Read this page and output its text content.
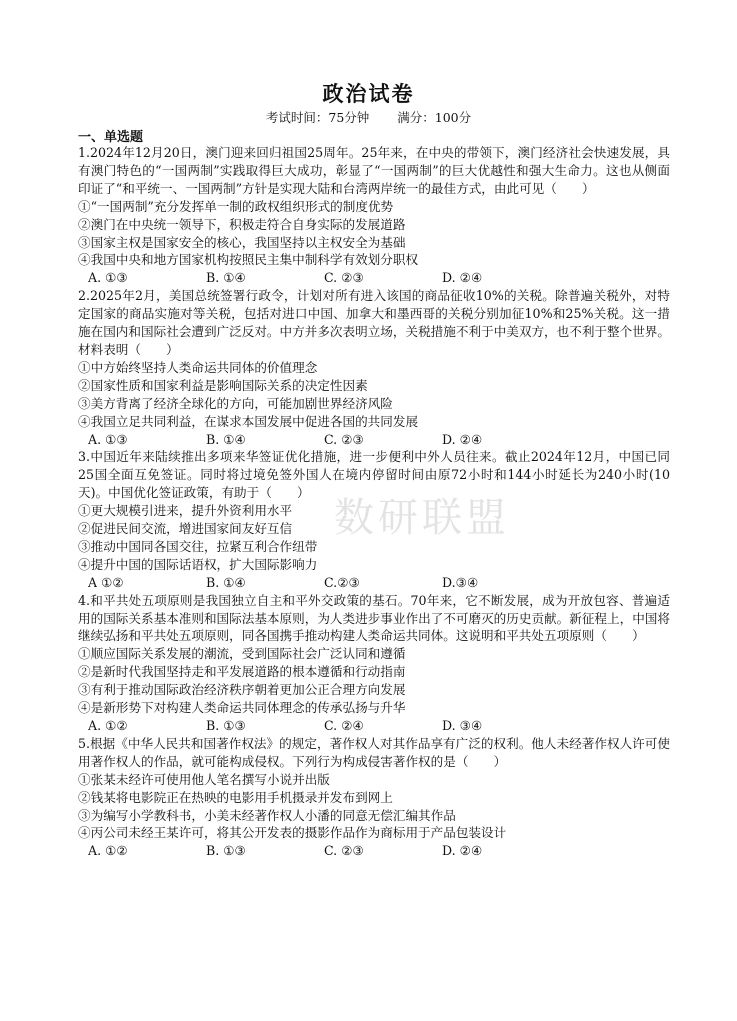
政治试卷
考试时间：75分钟 满分：100分
一、单选题
数研联盟
1.2024年12月20日，澳门迎来回归祖国25周年。25年来，在中央的带领下，澳门经济社会快速发展，具有澳门特色的“一国两制”实践取得巨大成功，彰显了“一国两制”的巨大优越性和强大生命力。这也从侧面印证了“和平统一、一国两制”方针是实现大陆和台湾两岸统一的最佳方式，由此可见（　　）
①“一国两制”充分发挥单一制的政权组织形式的制度优势
②澳门在中央统一领导下，积极走符合自身实际的发展道路
③国家主权是国家安全的核心，我国坚持以主权安全为基础
④我国中央和地方国家机构按照民主集中制科学有效划分职权
A. ①③	B. ①④	C. ②③	D. ②④
2.2025年2月，美国总统签署行政令，计划对所有进入该国的商品征收10%的关税。除普遍关税外，对特定国家的商品实施对等关税，包括对进口中国、加拿大和墨西哥的关税分别加征10%和25%关税。这一措施在国内和国际社会遭到广泛反对。中方并多次表明立场，关税措施不利于中美双方，也不利于整个世界。材料表明（　　）
①中方始终坚持人类命运共同体的价值理念
②国家性质和国家利益是影响国际关系的决定性因素
③美方背离了经济全球化的方向，可能加剧世界经济风险
④我国立足共同利益，在谋求本国发展中促进各国的共同发展
A. ①③	B. ①④	C. ②③	D. ②④
3.中国近年来陆续推出多项来华签证优化措施，进一步便利中外人员往来。截止2024年12月，中国已同25国全面互免签证。同时将过境免签外国人在境内停留时间由原72小时和144小时延长为240小时(10天)。中国优化签证政策，有助于（　　）
①更大规模引进来，提升外资利用水平
②促进民间交流，增进国家间友好互信
③推动中国同各国交往，拉紧互利合作纽带
④提升中国的国际话语权，扩大国际影响力
A ①②	B. ①④	C.②③	D.③④
4.和平共处五项原则是我国独立自主和平外交政策的基石。70年来，它不断发展，成为开放包容、普遍适用的国际关系基本准则和国际法基本原则，为人类进步事业作出了不可磨灭的历史贡献。新征程上，中国将继续弘扬和平共处五项原则，同各国携手推动构建人类命运共同体。这说明和平共处五项原则（　　）
①顺应国际关系发展的潮流，受到国际社会广泛认同和遵循
②是新时代我国坚持走和平发展道路的根本遵循和行动指南
③有利于推动国际政治经济秩序朝着更加公正合理方向发展
④是新形势下对构建人类命运共同体理念的传承弘扬与升华
A. ①②	B. ①③	C. ②④	D. ③④
5.根据《中华人民共和国著作权法》的规定，著作权人对其作品享有广泛的权利。他人未经著作权人许可使用著作权人的作品，就可能构成侵权。下列行为构成侵害著作权的是（　　）
①张某未经许可使用他人笔名撰写小说并出版
②钱某将电影院正在热映的电影用手机摄录并发布到网上
③为编写小学教科书，小美未经著作权人小潘的同意无偿汇编其作品
④丙公司未经王某许可，将其公开发表的摄影作品作为商标用于产品包装设计
A. ①②	B. ①③	C. ②③	D. ②④
